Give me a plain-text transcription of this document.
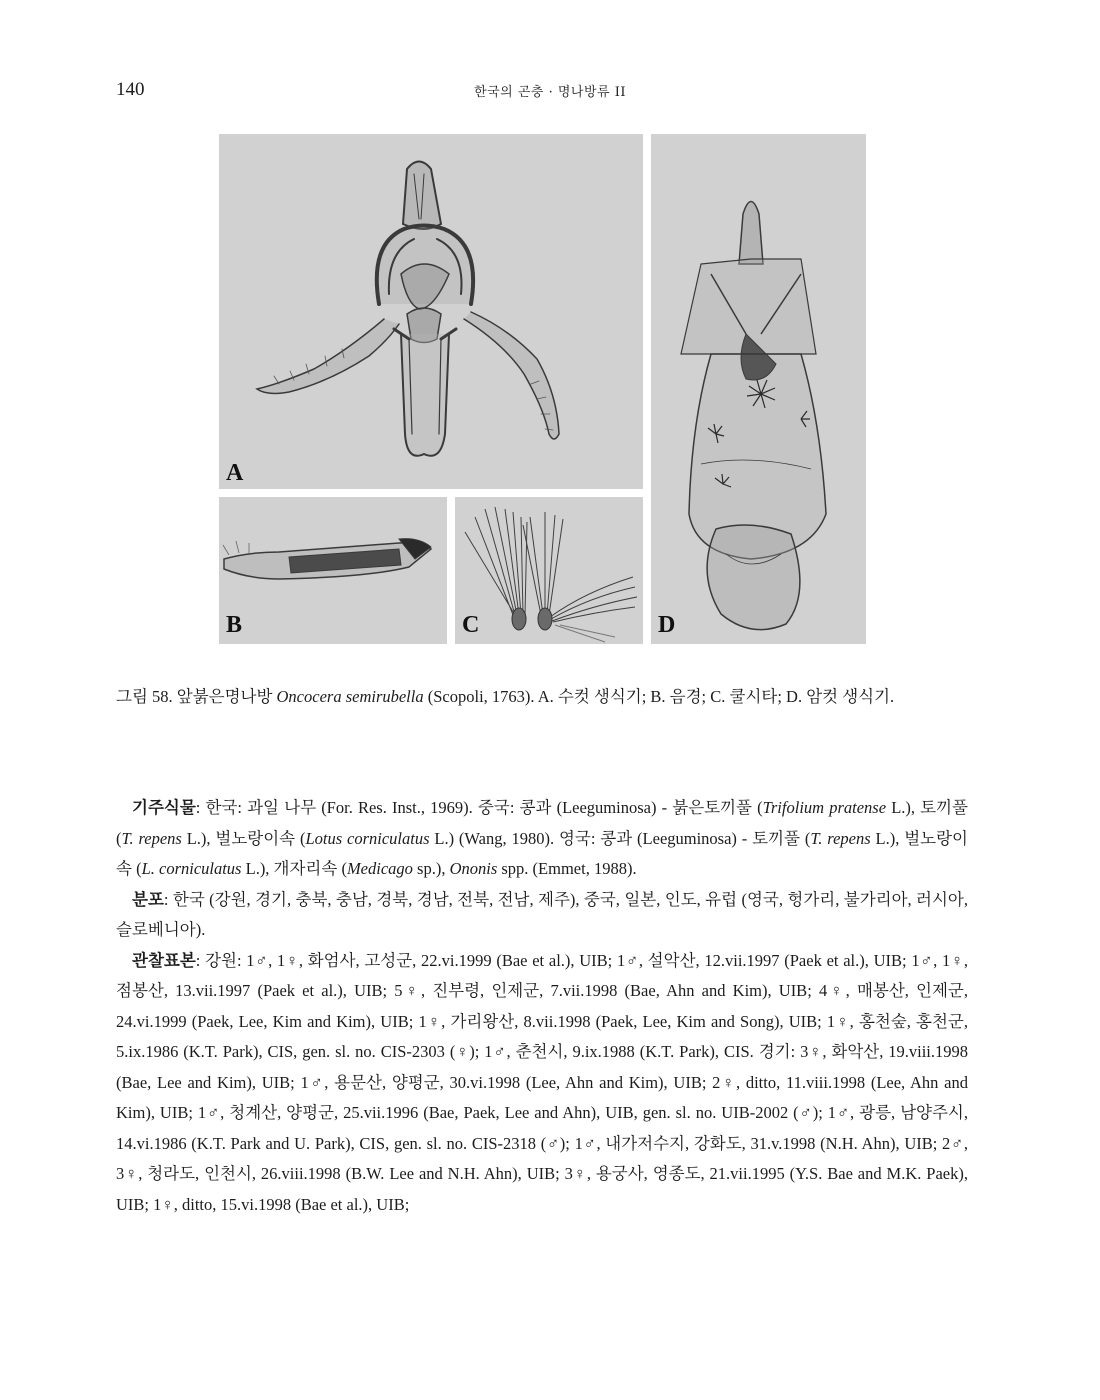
140	한국의 곤충 · 명나방류 II
A
B	C	D
그림 58. 앞붉은명나방 Oncocera semirubella (Scopoli, 1763). A. 수컷 생식기; B. 음경; C. 쿨시타; D. 암컷 생식기.

기주식물: 한국: 과일 나무 (For. Res. Inst., 1969). 중국: 콩과 (Leeguminosa) - 붉은토끼풀 (Trifolium pratense L.), 토끼풀 (T. repens L.), 벌노랑이속 (Lotus corniculatus L.) (Wang, 1980). 영국: 콩과 (Leeguminosa) - 토끼풀 (T. repens L.), 벌노랑이속 (L. corniculatus L.), 개자리속 (Medicago sp.), Ononis spp. (Emmet, 1988).

분포: 한국 (강원, 경기, 충북, 충남, 경북, 경남, 전북, 전남, 제주), 중국, 일본, 인도, 유럽 (영국, 헝가리, 불가리아, 러시아, 슬로베니아).

관찰표본: 강원: 1♂, 1♀, 화엄사, 고성군, 22.vi.1999 (Bae et al.), UIB; 1♂, 설악산, 12.vii.1997 (Paek et al.), UIB; 1♂, 1♀, 점봉산, 13.vii.1997 (Paek et al.), UIB; 5♀, 진부령, 인제군, 7.vii.1998 (Bae, Ahn and Kim), UIB; 4♀, 매봉산, 인제군, 24.vi.1999 (Paek, Lee, Kim and Kim), UIB; 1♀, 가리왕산, 8.vii.1998 (Paek, Lee, Kim and Song), UIB; 1♀, 홍천숲, 홍천군, 5.ix.1986 (K.T. Park), CIS, gen. sl. no. CIS-2303 (♀); 1♂, 춘천시, 9.ix.1988 (K.T. Park), CIS. 경기: 3♀, 화악산, 19.viii.1998 (Bae, Lee and Kim), UIB; 1♂, 용문산, 양평군, 30.vi.1998 (Lee, Ahn and Kim), UIB; 2♀, ditto, 11.viii.1998 (Lee, Ahn and Kim), UIB; 1♂, 청계산, 양평군, 25.vii.1996 (Bae, Paek, Lee and Ahn), UIB, gen. sl. no. UIB-2002 (♂); 1♂, 광릉, 남양주시, 14.vi.1986 (K.T. Park and U. Park), CIS, gen. sl. no. CIS-2318 (♂); 1♂, 내가저수지, 강화도, 31.v.1998 (N.H. Ahn), UIB; 2♂, 3♀, 청라도, 인천시, 26.viii.1998 (B.W. Lee and N.H. Ahn), UIB; 3♀, 용궁사, 영종도, 21.vii.1995 (Y.S. Bae and M.K. Paek), UIB; 1♀, ditto, 15.vi.1998 (Bae et al.), UIB;
